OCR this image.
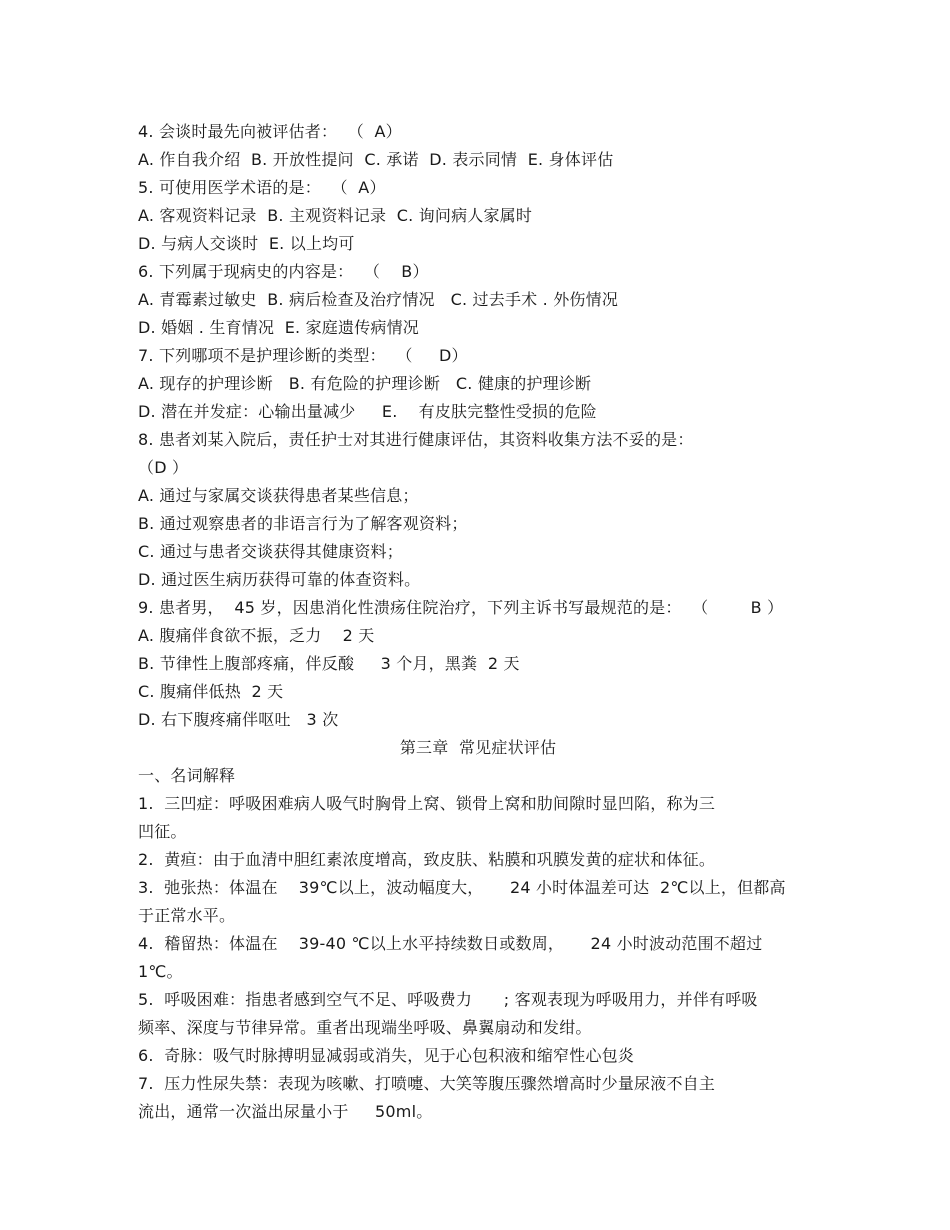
4. 会谈时最先向被评估者：  （  A）
A. 作自我介绍  B. 开放性提问  C. 承诺  D. 表示同情  E. 身体评估
5. 可使用医学术语的是：  （  A）
A. 客观资料记录  B. 主观资料记录  C. 询问病人家属时
D. 与病人交谈时  E. 以上均可
6. 下列属于现病史的内容是：  （    B）
A. 青霉素过敏史  B. 病后检查及治疗情况   C. 过去手术 . 外伤情况
D. 婚姻 . 生育情况  E. 家庭遗传病情况
7. 下列哪项不是护理诊断的类型：  （     D）
A. 现存的护理诊断   B. 有危险的护理诊断   C. 健康的护理诊断
D. 潜在并发症：心输出量减少     E.    有皮肤完整性受损的危险
8. 患者刘某入院后，责任护士对其进行健康评估，其资料收集方法不妥的是：
（D ）
A. 通过与家属交谈获得患者某些信息；
B. 通过观察患者的非语言行为了解客观资料；
C. 通过与患者交谈获得其健康资料；
D. 通过医生病历获得可靠的体查资料。
9. 患者男，  45 岁，因患消化性溃疡住院治疗，下列主诉书写最规范的是：  （        B ）
A. 腹痛伴食欲不振，乏力    2 天
B. 节律性上腹部疼痛，伴反酸     3 个月，黑粪  2 天
C. 腹痛伴低热  2 天
D. 右下腹疼痛伴呕吐   3 次
第三章  常见症状评估
一、名词解释
1.  三凹症：呼吸困难病人吸气时胸骨上窝、锁骨上窝和肋间隙时显凹陷，称为三
凹征。
2.  黄疸：由于血清中胆红素浓度增高，致皮肤、粘膜和巩膜发黄的症状和体征。
3.  弛张热：体温在    39℃以上，波动幅度大，     24 小时体温差可达  2℃以上，但都高
于正常水平。
4.  稽留热：体温在    39-40 ℃以上水平持续数日或数周，     24 小时波动范围不超过
1℃。
5.  呼吸困难：指患者感到空气不足、呼吸费力      ; 客观表现为呼吸用力，并伴有呼吸
频率、深度与节律异常。重者出现端坐呼吸、鼻翼扇动和发绀。
6.  奇脉：吸气时脉搏明显减弱或消失，见于心包积液和缩窄性心包炎
7.  压力性尿失禁：表现为咳嗽、打喷嚏、大笑等腹压骤然增高时少量尿液不自主
流出，通常一次溢出尿量小于     50ml。
